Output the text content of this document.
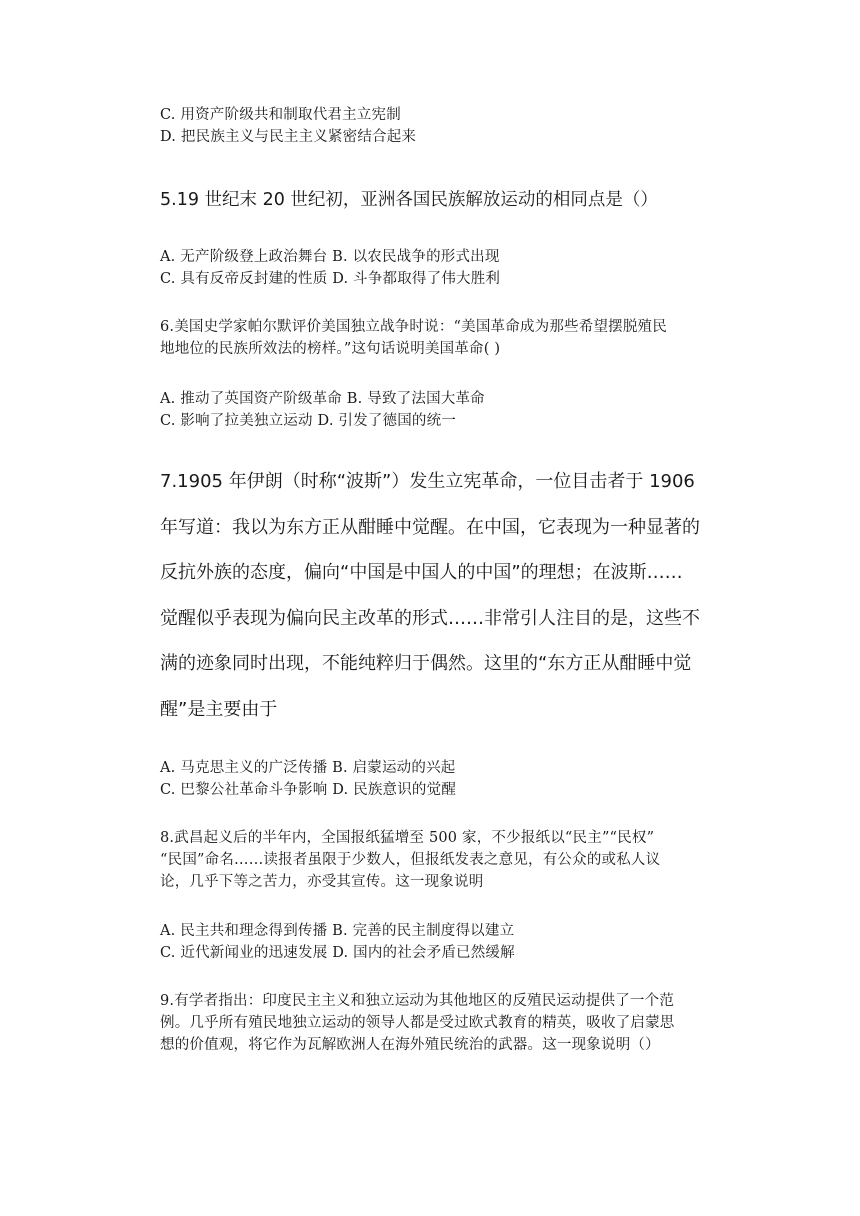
C. 用资产阶级共和制取代君主立宪制
D. 把民族主义与民主主义紧密结合起来
5.19 世纪末 20 世纪初，亚洲各国民族解放运动的相同点是（）
A. 无产阶级登上政治舞台 B. 以农民战争的形式出现
C. 具有反帝反封建的性质 D. 斗争都取得了伟大胜利
6.美国史学家帕尔默评价美国独立战争时说：“美国革命成为那些希望摆脱殖民
地地位的民族所效法的榜样。”这句话说明美国革命( )
A. 推动了英国资产阶级革命 B. 导致了法国大革命
C. 影响了拉美独立运动 D. 引发了德国的统一
7.1905 年伊朗（时称“波斯”）发生立宪革命，一位目击者于 1906
年写道：我以为东方正从酣睡中觉醒。在中国，它表现为一种显著的
反抗外族的态度，偏向“中国是中国人的中国”的理想；在波斯……
觉醒似乎表现为偏向民主改革的形式……非常引人注目的是，这些不
满的迹象同时出现，不能纯粹归于偶然。这里的“东方正从酣睡中觉
醒”是主要由于
A. 马克思主义的广泛传播 B. 启蒙运动的兴起
C. 巴黎公社革命斗争影响 D. 民族意识的觉醒
8.武昌起义后的半年内，全国报纸猛增至 500 家，不少报纸以“民主”“民权”
“民国”命名……读报者虽限于少数人，但报纸发表之意见，有公众的或私人议
论，几乎下等之苦力，亦受其宣传。这一现象说明
A. 民主共和理念得到传播 B. 完善的民主制度得以建立
C. 近代新闻业的迅速发展 D. 国内的社会矛盾已然缓解
9.有学者指出：印度民主主义和独立运动为其他地区的反殖民运动提供了一个范
例。几乎所有殖民地独立运动的领导人都是受过欧式教育的精英，吸收了启蒙思
想的价值观，将它作为瓦解欧洲人在海外殖民统治的武器。这一现象说明（）
